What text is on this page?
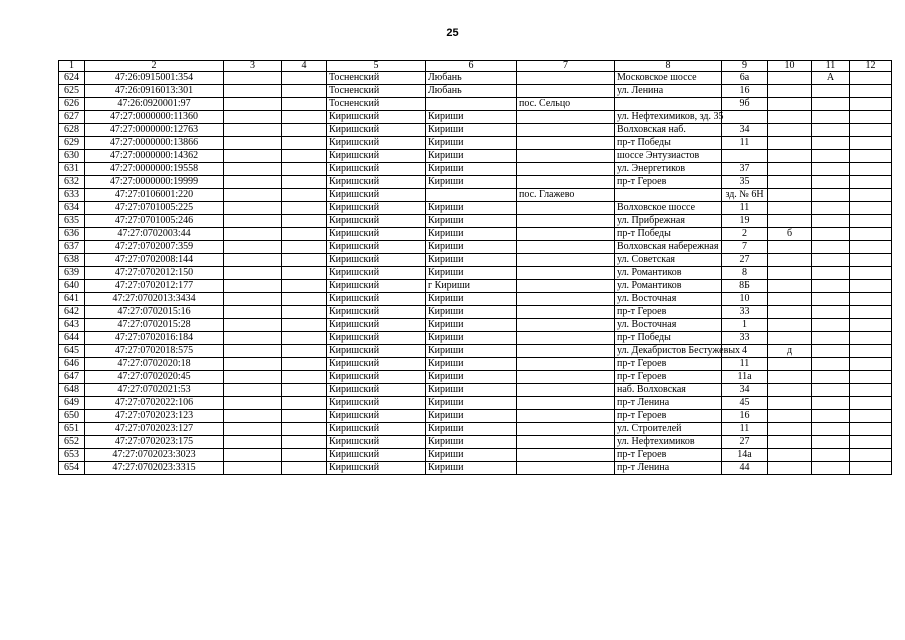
25
1	2	3	4	5	6	7	8	9	10	11	12
624	47:26:0915001:354			Тосненский	Любань		Московское шоссе	6а		А	
625	47:26:0916013:301			Тосненский	Любань		ул. Ленина	16			
626	47:26:0920001:97			Тосненский		пос. Сельцо		9б			
627	47:27:0000000:11360			Киришский	Кириши		ул. Нефтехимиков, зд. 35				
628	47:27:0000000:12763			Киришский	Кириши		Волховская наб.	34			
629	47:27:0000000:13866			Киришский	Кириши		пр-т Победы	11			
630	47:27:0000000:14362			Киришский	Кириши		шоссе Энтузиастов				
631	47:27:0000000:19558			Киришский	Кириши		ул. Энергетиков	37			
632	47:27:0000000:19999			Киришский	Кириши		пр-т Героев	35			
633	47:27:0106001:220			Киришский		пос. Глажево		зд. № 6Н			
634	47:27:0701005:225			Киришский	Кириши		Волховское шоссе	11			
635	47:27:0701005:246			Киришский	Кириши		ул. Прибрежная	19			
636	47:27:0702003:44			Киришский	Кириши		пр-т Победы	2	б		
637	47:27:0702007:359			Киришский	Кириши		Волховская набережная	7			
638	47:27:0702008:144			Киришский	Кириши		ул. Советская	27			
639	47:27:0702012:150			Киришский	Кириши		ул. Романтиков	8			
640	47:27:0702012:177			Киришский	г Кириши		ул. Романтиков	8Б			
641	47:27:0702013:3434			Киришский	Кириши		ул. Восточная	10			
642	47:27:0702015:16			Киришский	Кириши		пр-т Героев	33			
643	47:27:0702015:28			Киришский	Кириши		ул. Восточная	1			
644	47:27:0702016:184			Киришский	Кириши		пр-т Победы	33			
645	47:27:0702018:575			Киришский	Кириши		ул. Декабристов Бестужевых	4	д		
646	47:27:0702020:18			Киришский	Кириши		пр-т Героев	11			
647	47:27:0702020:45			Киришский	Кириши		пр-т Героев	11а			
648	47:27:0702021:53			Киришский	Кириши		наб. Волховская	34			
649	47:27:0702022:106			Киришский	Кириши		пр-т Ленина	45			
650	47:27:0702023:123			Киришский	Кириши		пр-т Героев	16			
651	47:27:0702023:127			Киришский	Кириши		ул. Строителей	11			
652	47:27:0702023:175			Киришский	Кириши		ул. Нефтехимиков	27			
653	47:27:0702023:3023			Киришский	Кириши		пр-т Героев	14а			
654	47:27:0702023:3315			Киришский	Кириши		пр-т Ленина	44			
